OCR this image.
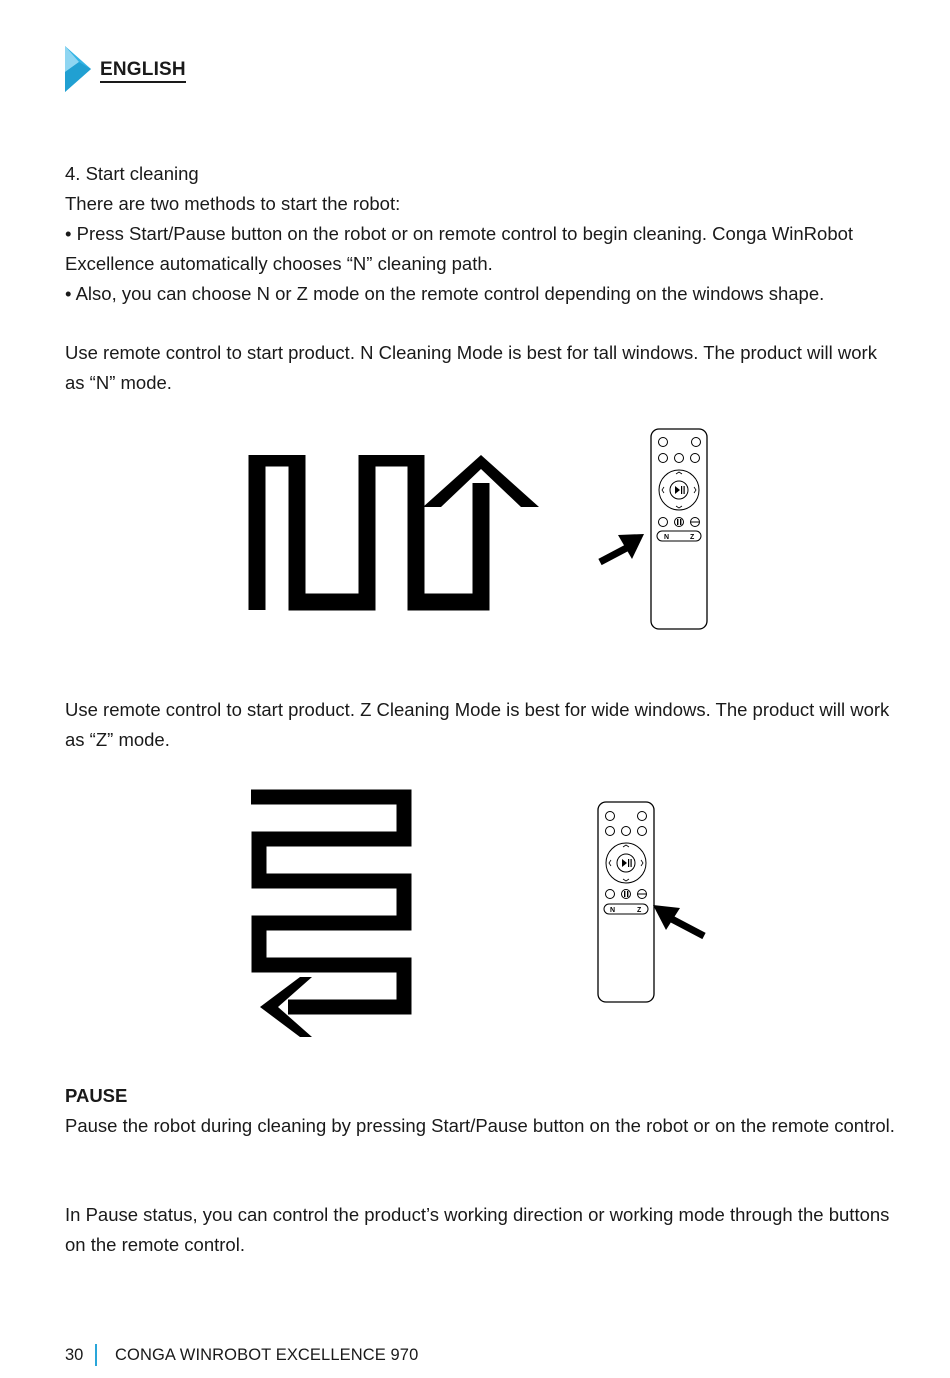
ENGLISH

4. Start cleaning

There are two methods to start the robot:

• Press Start/Pause button on the robot or on remote control to begin cleaning. Conga WinRobot Excellence automatically chooses “N” cleaning path.

• Also, you can choose N or Z mode on the remote control depending on the windows shape.

Use remote control to start product. N Cleaning Mode is best for tall windows. The product will work as “N” mode.

N	Z

Use remote control to start product. Z Cleaning Mode is best for wide windows. The product will work as “Z” mode.

N	Z

PAUSE

Pause the robot during cleaning by pressing Start/Pause button on the robot or on the remote control.

In Pause status, you can control the product’s working direction or working mode through the buttons on the remote control.

30	CONGA WINROBOT EXCELLENCE 970
